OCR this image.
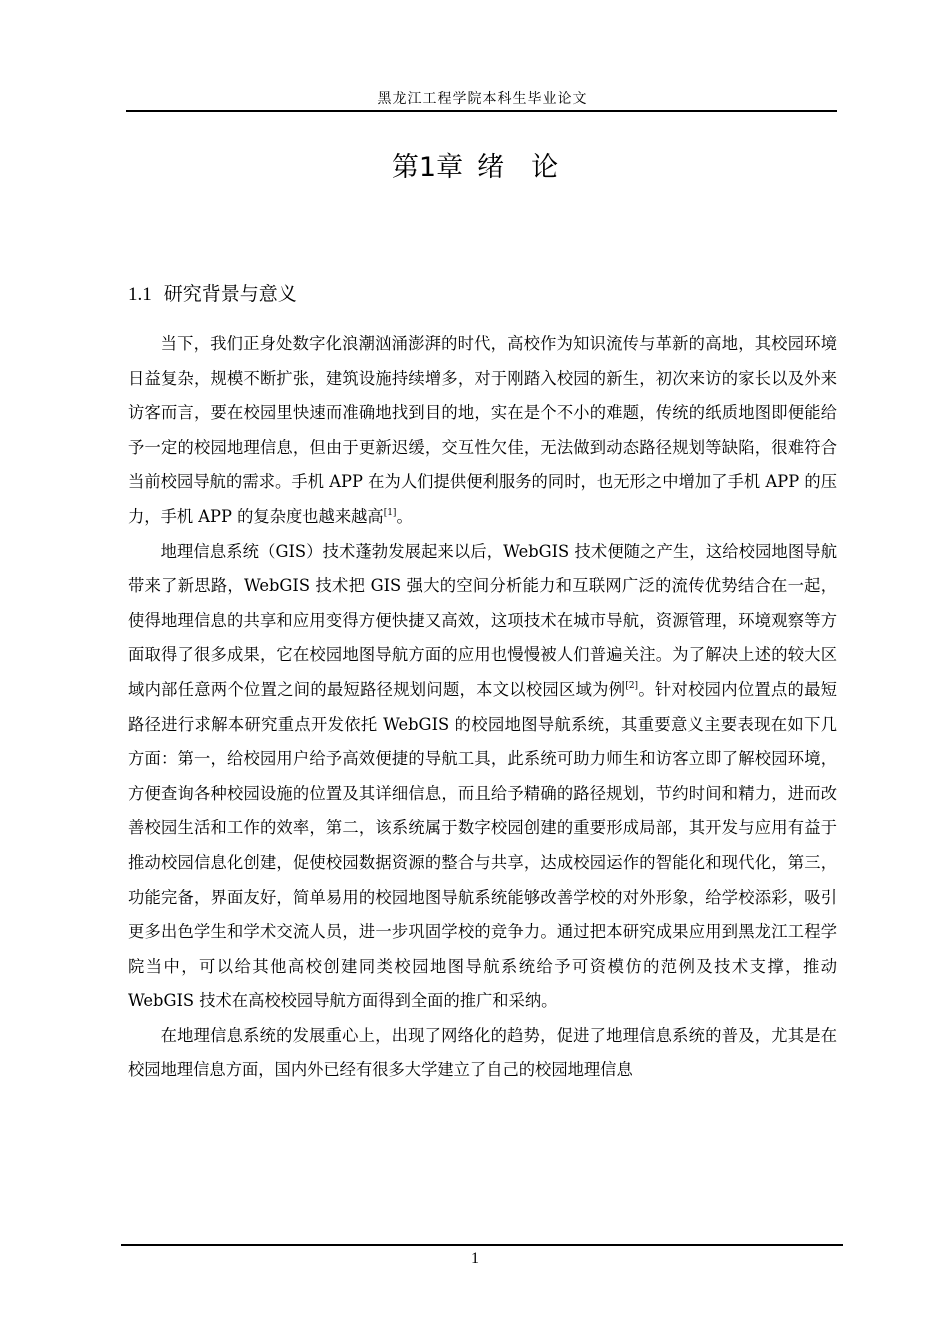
黑龙江工程学院本科生毕业论文
第1章 绪　论
1.1 研究背景与意义

当下，我们正身处数字化浪潮汹涌澎湃的时代，高校作为知识流传与革新的高地，其校园环境日益复杂，规模不断扩张，建筑设施持续增多，对于刚踏入校园的新生，初次来访的家长以及外来访客而言，要在校园里快速而准确地找到目的地，实在是个不小的难题，传统的纸质地图即便能给予一定的校园地理信息，但由于更新迟缓，交互性欠佳，无法做到动态路径规划等缺陷，很难符合当前校园导航的需求。手机 APP 在为人们提供便利服务的同时，也无形之中增加了手机 APP 的压力，手机 APP 的复杂度也越来越高[1]。

地理信息系统（GIS）技术蓬勃发展起来以后，WebGIS 技术便随之产生，这给校园地图导航带来了新思路，WebGIS 技术把 GIS 强大的空间分析能力和互联网广泛的流传优势结合在一起，使得地理信息的共享和应用变得方便快捷又高效，这项技术在城市导航，资源管理，环境观察等方面取得了很多成果，它在校园地图导航方面的应用也慢慢被人们普遍关注。为了解决上述的较大区域内部任意两个位置之间的最短路径规划问题，本文以校园区域为例[2]。针对校园内位置点的最短路径进行求解本研究重点开发依托 WebGIS 的校园地图导航系统，其重要意义主要表现在如下几方面：第一，给校园用户给予高效便捷的导航工具，此系统可助力师生和访客立即了解校园环境，方便查询各种校园设施的位置及其详细信息，而且给予精确的路径规划，节约时间和精力，进而改善校园生活和工作的效率，第二，该系统属于数字校园创建的重要形成局部，其开发与应用有益于推动校园信息化创建，促使校园数据资源的整合与共享，达成校园运作的智能化和现代化，第三，功能完备，界面友好，简单易用的校园地图导航系统能够改善学校的对外形象，给学校添彩，吸引更多出色学生和学术交流人员，进一步巩固学校的竞争力。通过把本研究成果应用到黑龙江工程学院当中，可以给其他高校创建同类校园地图导航系统给予可资模仿的范例及技术支撑，推动 WebGIS 技术在高校校园导航方面得到全面的推广和采纳。

在地理信息系统的发展重心上，出现了网络化的趋势，促进了地理信息系统的普及，尤其是在校园地理信息方面，国内外已经有很多大学建立了自己的校园地理信息

1
